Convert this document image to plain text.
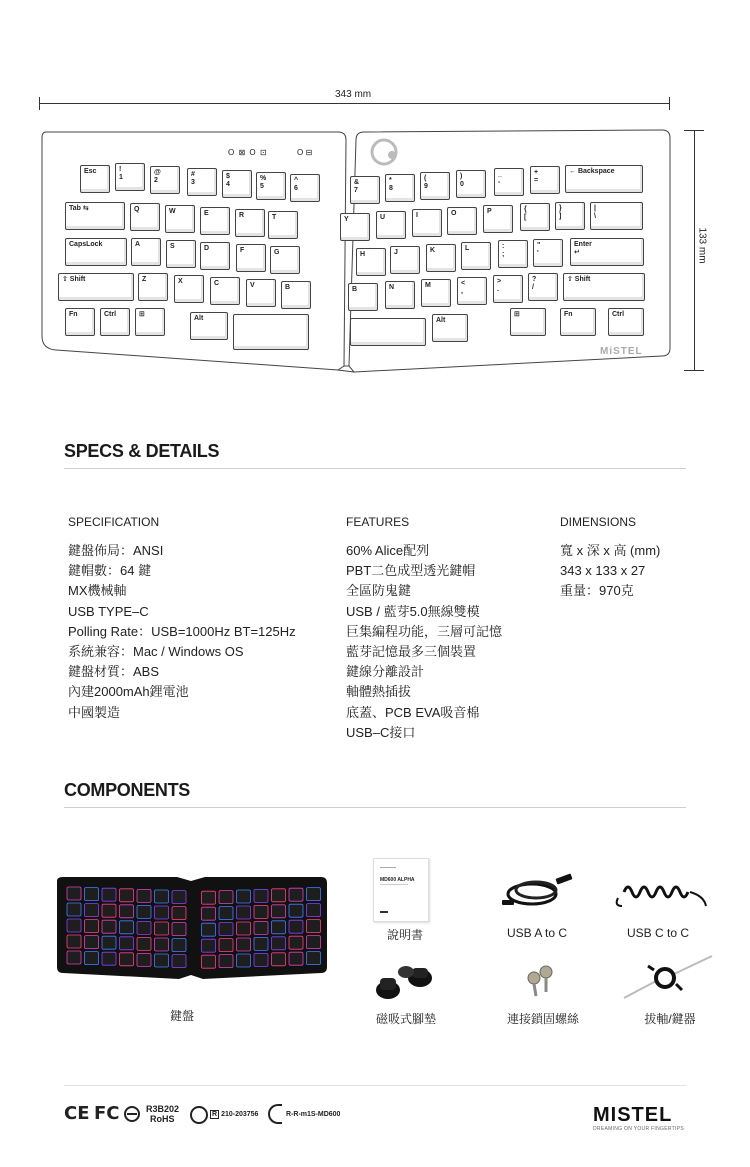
343 mm
133 mm
O ⊠ O ⊡	O ⊟
MiSTEL
Esc	!
1
@
2
#
3
$
4
%
5
^
6
&
7
*
8
(
9
)
0
_
-
+
=
← Backspace
Tab ⇆	Q	W	E	R	T	Y	U	I	O	P	{
[
}
]
|
\
CapsLock	A	S	D	F	G	H	J	K	L	:
;
"
'
Enter
↵
⇧ Shift	Z	X	C	V	B	B	N	M	<
,
>
.
?
/
⇧ Shift
Fn	Ctrl	⊞
Alt	Alt
⊞	Fn	Ctrl
SPECS & DETAILS
SPECIFICATION
鍵盤佈局：ANSI
鍵帽數：64 鍵
MX機械軸
USB TYPE–C
Polling Rate：USB=1000Hz BT=125Hz
系統兼容：Mac / Windows OS
鍵盤材質：ABS
內建2000mAh鋰電池
中國製造
FEATURES
60% Alice配列
PBT二色成型透光鍵帽
全區防鬼鍵
USB / 藍芽5.0無線雙模
巨集編程功能，三層可記憶
藍芽記憶最多三個裝置
鍵線分離設計
軸體熱插拔
底蓋、PCB EVA吸音棉
USB–C接口
DIMENSIONS
寬 x 深 x 高 (mm)
343 x 133 x 27
重量：970克
COMPONENTS
鍵盤
MD600 ALPHA
說明書	USB A to C	USB C to C
磁吸式腳墊	連接鎖固螺絲	拔軸/鍵器
CE FC	R3B202
RoHS	R 210-203756	R-R-m1S-MD600	MISTEL
DREAMING ON YOUR FINGERTIPS
